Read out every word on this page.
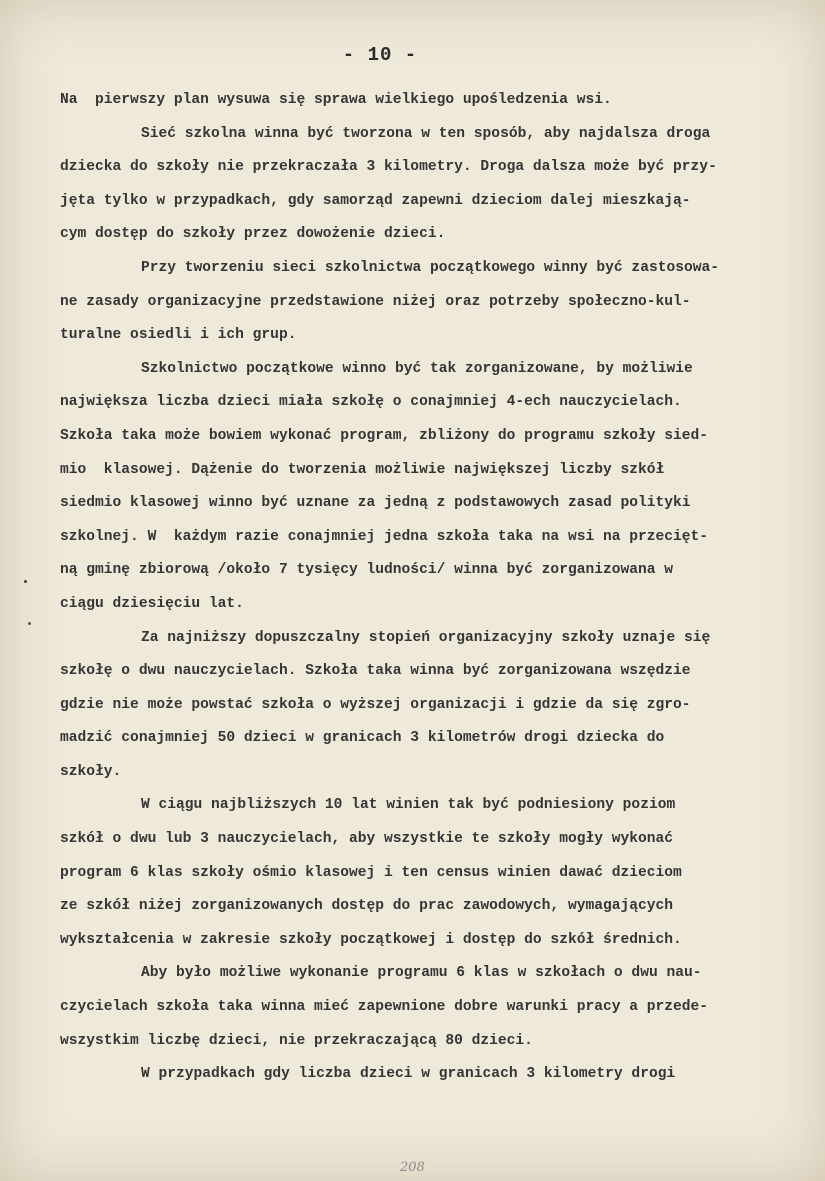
- 10 -
Na  pierwszy plan wysuwa się sprawa wielkiego upośledzenia wsi.
Sieć szkolna winna być tworzona w ten sposób, aby najdalsza droga
dziecka do szkoły nie przekraczała 3 kilometry. Droga dalsza może być przy-
jęta tylko w przypadkach, gdy samorząd zapewni dzieciom dalej mieszkają-
cym dostęp do szkoły przez dowożenie dzieci.
Przy tworzeniu sieci szkolnictwa początkowego winny być zastosowa-
ne zasady organizacyjne przedstawione niżej oraz potrzeby społeczno-kul-
turalne osiedli i ich grup.
Szkolnictwo początkowe winno być tak zorganizowane, by możliwie
największa liczba dzieci miała szkołę o conajmniej 4-ech nauczycielach.
Szkoła taka może bowiem wykonać program, zbliżony do programu szkoły sied-
mio  klasowej. Dążenie do tworzenia możliwie największej liczby szkół
siedmio klasowej winno być uznane za jedną z podstawowych zasad polityki
szkolnej. W  każdym razie conajmniej jedna szkoła taka na wsi na przecięt-
ną gminę zbiorową /około 7 tysięcy ludności/ winna być zorganizowana w
ciągu dziesięciu lat.
Za najniższy dopuszczalny stopień organizacyjny szkoły uznaje się
szkołę o dwu nauczycielach. Szkoła taka winna być zorganizowana wszędzie
gdzie nie może powstać szkoła o wyższej organizacji i gdzie da się zgro-
madzić conajmniej 50 dzieci w granicach 3 kilometrów drogi dziecka do
szkoły.
W ciągu najbliższych 10 lat winien tak być podniesiony poziom
szkół o dwu lub 3 nauczycielach, aby wszystkie te szkoły mogły wykonać
program 6 klas szkoły ośmio klasowej i ten census winien dawać dzieciom
ze szkół niżej zorganizowanych dostęp do prac zawodowych, wymagających
wykształcenia w zakresie szkoły początkowej i dostęp do szkół średnich.
Aby było możliwe wykonanie programu 6 klas w szkołach o dwu nau-
czycielach szkoła taka winna mieć zapewnione dobre warunki pracy a przede-
wszystkim liczbę dzieci, nie przekraczającą 80 dzieci.
W przypadkach gdy liczba dzieci w granicach 3 kilometry drogi
208
